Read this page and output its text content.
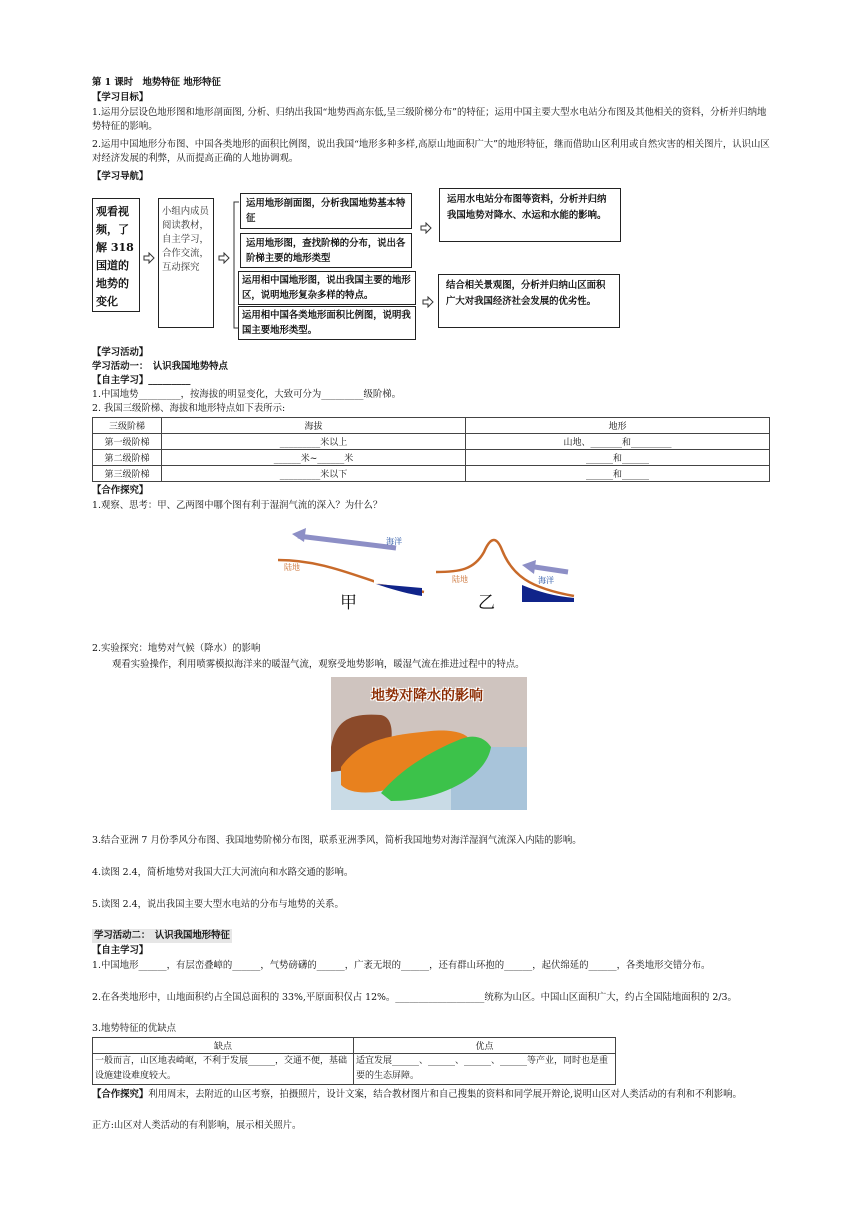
第 1 课时　地势特征 地形特征
【学习目标】
1.运用分层设色地形图和地形剖面图, 分析、归纳出我国“地势西高东低,呈三级阶梯分布”的特征；运用中国主要大型水电站分布图及其他相关的资料，分析并归纳地势特征的影响。
2.运用中国地形分布图、中国各类地形的面积比例图，说出我国“地形多种多样,高原山地面积广大”的地形特征，继而借助山区利用或自然灾害的相关图片，认识山区对经济发展的利弊，从而提高正确的人地协调观。
【学习导航】
观看视频，了解 318 国道的地势的变化
小组内成员阅读教材，自主学习，合作交流，互动探究
运用地形剖面图，分析我国地势基本特征
运用地形图，查找阶梯的分布，说出各阶梯主要的地形类型
运用相中国地形图，说出我国主要的地形区，说明地形复杂多样的特点。
运用相中国各类地形面积比例图，说明我国主要地形类型。
运用水电站分布图等资料，分析并归纳我国地势对降水、水运和水能的影响。
结合相关景观图，分析并归纳山区面积广大对我国经济社会发展的优劣性。
【学习活动】
学习活动一：　认识我国地势特点
【自主学习】_________
1.中国地势_________，按海拔的明显变化，大致可分为_________级阶梯。
2. 我国三级阶梯、海拔和地形特点如下表所示:
三级阶梯	海拔	地形
第一级阶梯	_________米以上	山地、_______和_________
第二级阶梯	______米~______米	______和______
第三级阶梯	_________米以下	______和______
【合作探究】
1.观察、思考：甲、乙两图中哪个图有利于湿润气流的深入？为什么？
海洋
陆地
甲
海洋
陆地
乙
2.实验探究：地势对气候（降水）的影响
观看实验操作，利用喷雾模拟海洋来的暖湿气流，观察受地势影响，暖湿气流在推进过程中的特点。
地势对降水的影响
3.结合亚洲 7 月份季风分布图、我国地势阶梯分布图，联系亚洲季风，简析我国地势对海洋湿润气流深入内陆的影响。
4.读图 2.4，简析地势对我国大江大河流向和水路交通的影响。
5.读图 2.4，说出我国主要大型水电站的分布与地势的关系。
学习活动二：　认识我国地形特征
【自主学习】
1.中国地形______，有层峦叠嶂的______，气势磅礴的______，广袤无垠的______，还有群山环抱的______，起伏绵延的______，各类地形交错分布。
2.在各类地形中，山地面积约占全国总面积的 33%,平原面积仅占 12%。___________________统称为山区。中国山区面积广大，约占全国陆地面积的 2/3。
3.地势特征的优缺点
缺点	优点
一般而言，山区地表崎岖，不利于发展______，交通不便，基础设施建设难度较大。	适宜发展______、______、______、______等产业，同时也是重要的生态屏障。
【合作探究】利用周末，去附近的山区考察，拍摄照片，设计文案，结合教材图片和自己搜集的资料和同学展开辩论,说明山区对人类活动的有利和不利影响。
正方:山区对人类活动的有利影响，展示相关照片。
